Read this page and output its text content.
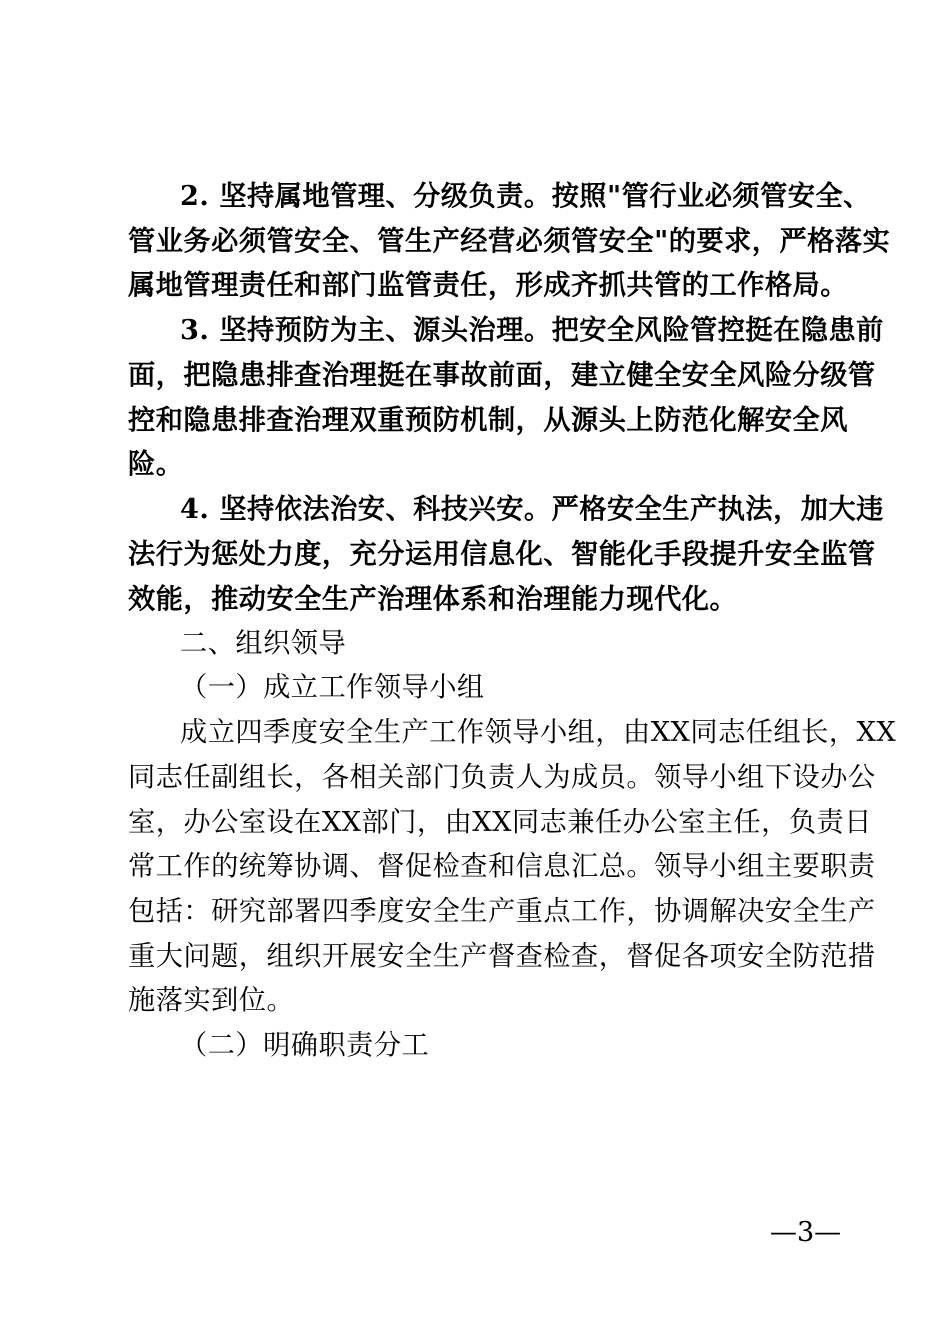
2. 坚持属地管理、分级负责。按照"管行业必须管安全、
管业务必须管安全、管生产经营必须管安全"的要求，严格落实
属地管理责任和部门监管责任，形成齐抓共管的工作格局。
3. 坚持预防为主、源头治理。把安全风险管控挺在隐患前
面，把隐患排查治理挺在事故前面，建立健全安全风险分级管
控和隐患排查治理双重预防机制，从源头上防范化解安全风
险。
4. 坚持依法治安、科技兴安。严格安全生产执法，加大违
法行为惩处力度，充分运用信息化、智能化手段提升安全监管
效能，推动安全生产治理体系和治理能力现代化。
二、组织领导
（一）成立工作领导小组
成立四季度安全生产工作领导小组，由XX同志任组长，XX
同志任副组长，各相关部门负责人为成员。领导小组下设办公
室，办公室设在XX部门，由XX同志兼任办公室主任，负责日
常工作的统筹协调、督促检查和信息汇总。领导小组主要职责
包括：研究部署四季度安全生产重点工作，协调解决安全生产
重大问题，组织开展安全生产督查检查，督促各项安全防范措
施落实到位。
（二）明确职责分工
—3—
